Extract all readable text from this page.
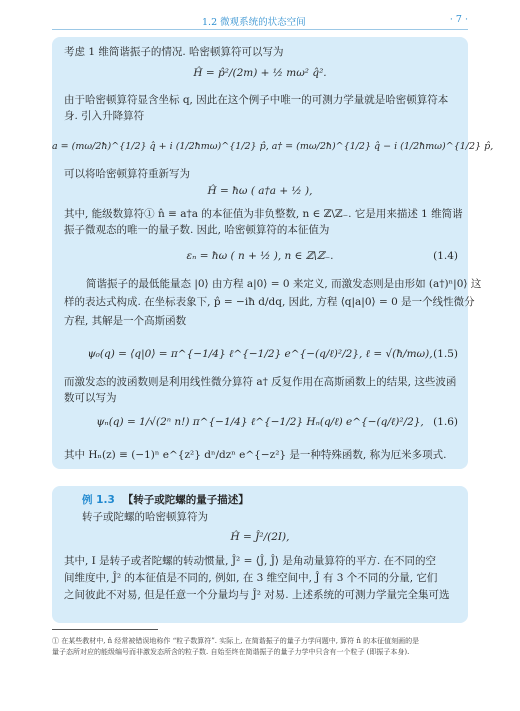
1.2 微观系统的状态空间	· 7 ·
考虑 1 维简谐振子的情况. 哈密顿算符可以写为
Ĥ = p̂²/(2m) + ½ mω² q̂².
由于哈密顿算符显含坐标 q, 因此在这个例子中唯一的可测力学量就是哈密顿算符本
身. 引入升降算符
a = (mω/2ħ)^{1/2} q̂ + i (1/2ħmω)^{1/2} p̂, a† = (mω/2ħ)^{1/2} q̂ − i (1/2ħmω)^{1/2} p̂,
可以将哈密顿算符重新写为
Ĥ = ħω ( a†a + ½ ),
其中, 能级数算符① n̂ ≡ a†a 的本征值为非负整数, n ∈ ℤ\ℤ₋. 它是用来描述 1 维简谐
振子微观态的唯一的量子数. 因此, 哈密顿算符的本征值为
εₙ = ħω ( n + ½ ), n ∈ ℤ\ℤ₋.	(1.4)
简谐振子的最低能量态 |0⟩ 由方程 a|0⟩ = 0 来定义, 而激发态则是由形如 (a†)ⁿ|0⟩ 这
样的表达式构成. 在坐标表象下, p̂ = −iħ d/dq, 因此, 方程 ⟨q|a|0⟩ = 0 是一个线性微分
方程, 其解是一个高斯函数
ψ₀(q) = ⟨q|0⟩ = π^{−1/4} ℓ^{−1/2} e^{−(q/ℓ)²/2}, ℓ = √(ħ/mω), (1.5)
而激发态的波函数则是利用线性微分算符 a† 反复作用在高斯函数上的结果, 这些波函
数可以写为
ψₙ(q) = 1/√(2ⁿ n!) π^{−1/4} ℓ^{−1/2} Hₙ(q/ℓ) e^{−(q/ℓ)²/2}, (1.6)
其中 Hₙ(z) ≡ (−1)ⁿ e^{z²} dⁿ/dzⁿ e^{−z²} 是一种特殊函数, 称为厄米多项式.
例 1.3 【转子或陀螺的量子描述】
转子或陀螺的哈密顿算符为
Ĥ = Ĵ²/(2I),
其中, I 是转子或者陀螺的转动惯量, Ĵ² = ⟨Ĵ, Ĵ⟩ 是角动量算符的平方. 在不同的空
间维度中, Ĵ² 的本征值是不同的, 例如, 在 3 维空间中, Ĵ 有 3 个不同的分量, 它们
之间彼此不对易, 但是任意一个分量均与 Ĵ² 对易. 上述系统的可测力学量完全集可选
① 在某些教材中, n̂ 经常被错误地称作 “粒子数算符”. 实际上, 在简谐振子的量子力学问题中, 算符 n̂ 的本征值刻画的是
量子态所对应的能级编号而非激发态所含的粒子数. 自始至终在简谐振子的量子力学中只含有一个粒子 (即振子本身).
